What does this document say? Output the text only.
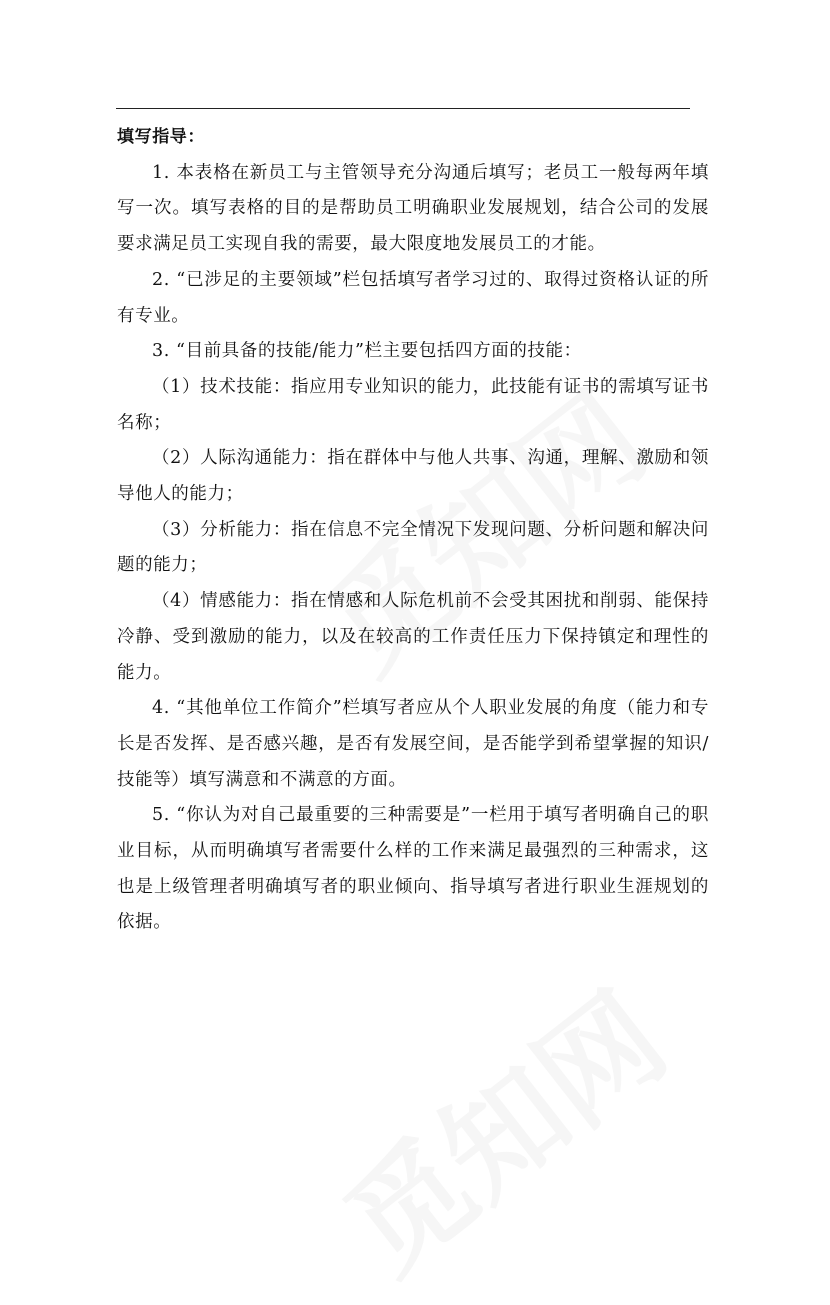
填写指导：

1. 本表格在新员工与主管领导充分沟通后填写；老员工一般每两年填写一次。填写表格的目的是帮助员工明确职业发展规划，结合公司的发展要求满足员工实现自我的需要，最大限度地发展员工的才能。

2. “已涉足的主要领域”栏包括填写者学习过的、取得过资格认证的所有专业。

3. “目前具备的技能/能力”栏主要包括四方面的技能：

（1）技术技能：指应用专业知识的能力，此技能有证书的需填写证书名称；

（2）人际沟通能力：指在群体中与他人共事、沟通，理解、激励和领导他人的能力；

（3）分析能力：指在信息不完全情况下发现问题、分析问题和解决问题的能力；

（4）情感能力：指在情感和人际危机前不会受其困扰和削弱、能保持冷静、受到激励的能力，以及在较高的工作责任压力下保持镇定和理性的能力。

4. “其他单位工作简介”栏填写者应从个人职业发展的角度（能力和专长是否发挥、是否感兴趣，是否有发展空间，是否能学到希望掌握的知识/技能等）填写满意和不满意的方面。

5. “你认为对自己最重要的三种需要是”一栏用于填写者明确自己的职业目标，从而明确填写者需要什么样的工作来满足最强烈的三种需求，这也是上级管理者明确填写者的职业倾向、指导填写者进行职业生涯规划的依据。
